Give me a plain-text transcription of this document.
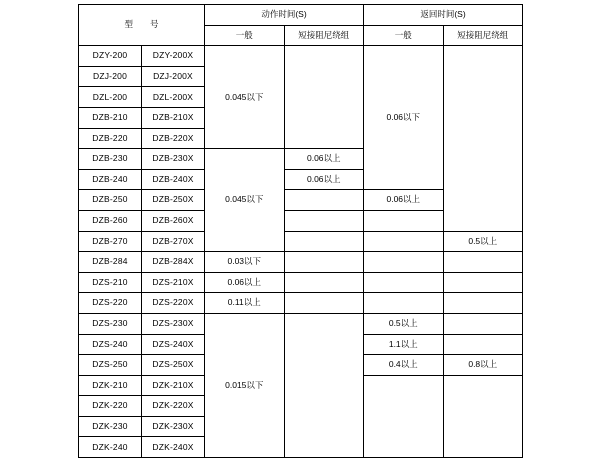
型　　号		动作时间(S)		返回时间(S)	
		一般	短接阻尼绕组	一般	短接阻尼绕组
DZY-200	DZY-200X	0.045以下		0.06以下	
DZJ-200	DZJ-200X				
DZL-200	DZL-200X				
DZB-210	DZB-210X				
DZB-220	DZB-220X				
DZB-230	DZB-230X	0.045以下	0.06以上		
DZB-240	DZB-240X		0.06以上		
DZB-250	DZB-250X			0.06以上	
DZB-260	DZB-260X				
DZB-270	DZB-270X				0.5以上
DZB-284	DZB-284X	0.03以下			
DZS-210	DZS-210X	0.06以上			
DZS-220	DZS-220X	0.11以上			
DZS-230	DZS-230X	0.015以下		0.5以上	
DZS-240	DZS-240X			1.1以上	
DZS-250	DZS-250X			0.4以上	0.8以上
DZK-210	DZK-210X				
DZK-220	DZK-220X				
DZK-230	DZK-230X				
DZK-240	DZK-240X				
